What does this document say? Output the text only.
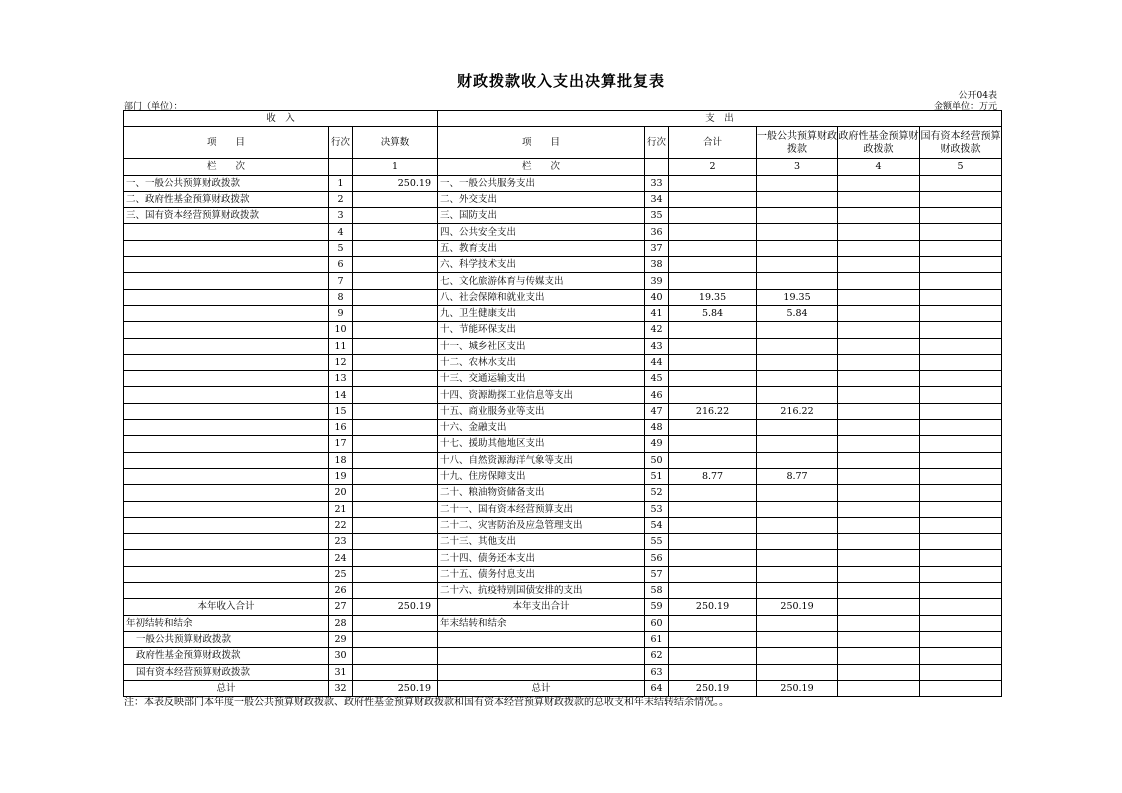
财政拨款收入支出决算批复表
公开04表
部门（单位）：	金额单位：万元
收　入			支　出					
项　　目	行次	决算数	项　　目	行次	合计	一般公共预算财政拨款	政府性基金预算财政拨款	国有资本经营预算财政拨款
栏　　次		1	栏　　次		2	3	4	5
一、一般公共预算财政拨款	1	250.19	一、一般公共服务支出	33				
二、政府性基金预算财政拨款	2		二、外交支出	34				
三、国有资本经营预算财政拨款	3		三、国防支出	35				
	4		四、公共安全支出	36				
	5		五、教育支出	37				
	6		六、科学技术支出	38				
	7		七、文化旅游体育与传媒支出	39				
	8		八、社会保障和就业支出	40	19.35	19.35		
	9		九、卫生健康支出	41	5.84	5.84		
	10		十、节能环保支出	42				
	11		十一、城乡社区支出	43				
	12		十二、农林水支出	44				
	13		十三、交通运输支出	45				
	14		十四、资源勘探工业信息等支出	46				
	15		十五、商业服务业等支出	47	216.22	216.22		
	16		十六、金融支出	48				
	17		十七、援助其他地区支出	49				
	18		十八、自然资源海洋气象等支出	50				
	19		十九、住房保障支出	51	8.77	8.77		
	20		二十、粮油物资储备支出	52				
	21		二十一、国有资本经营预算支出	53				
	22		二十二、灾害防治及应急管理支出	54				
	23		二十三、其他支出	55				
	24		二十四、债务还本支出	56				
	25		二十五、债务付息支出	57				
	26		二十六、抗疫特别国债安排的支出	58				
本年收入合计	27	250.19	本年支出合计	59	250.19	250.19		
年初结转和结余	28		年末结转和结余	60				
一般公共预算财政拨款	29			61				
政府性基金预算财政拨款	30			62				
国有资本经营预算财政拨款	31			63				
总计	32	250.19	总计	64	250.19	250.19		
注：本表反映部门本年度一般公共预算财政拨款、政府性基金预算财政拨款和国有资本经营预算财政拨款的总收支和年末结转结余情况。。
